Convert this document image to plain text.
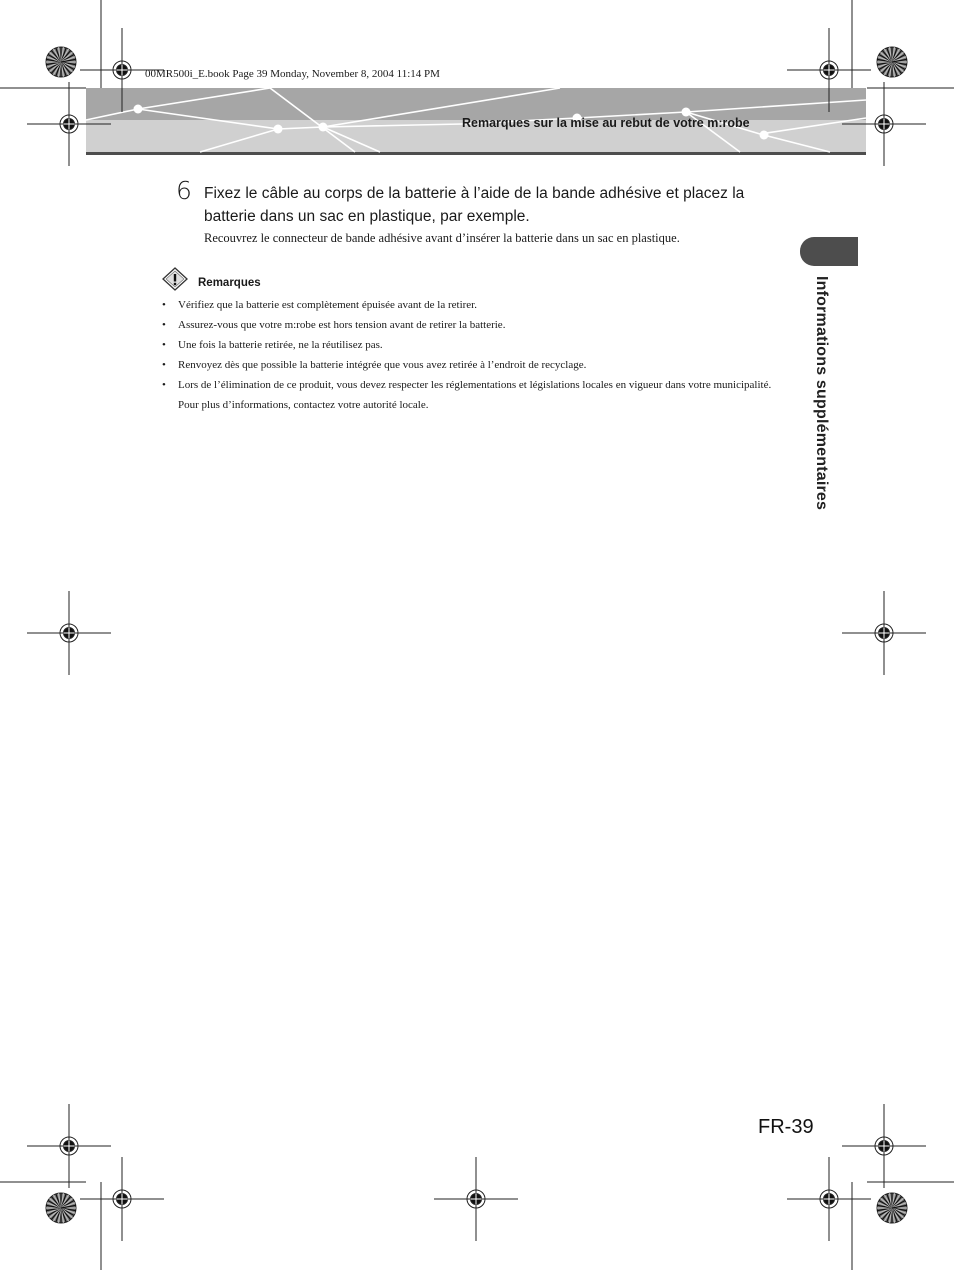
00MR500i_E.book Page 39 Monday, November 8, 2004 11:14 PM
Remarques sur la mise au rebut de votre m:robe
6 Fixez le câble au corps de la batterie à l’aide de la bande adhésive et placez la batterie dans un sac en plastique, par exemple.
Recouvrez le connecteur de bande adhésive avant d’insérer la batterie dans un sac en plastique.
Remarques
• Vérifiez que la batterie est complètement épuisée avant de la retirer.
• Assurez-vous que votre m:robe est hors tension avant de retirer la batterie.
• Une fois la batterie retirée, ne la réutilisez pas.
• Renvoyez dès que possible la batterie intégrée que vous avez retirée à l’endroit de recyclage.
• Lors de l’élimination de ce produit, vous devez respecter les réglementations et législations locales en vigueur dans votre municipalité. Pour plus d’informations, contactez votre autorité locale.	Informations supplémentaires
FR-39
